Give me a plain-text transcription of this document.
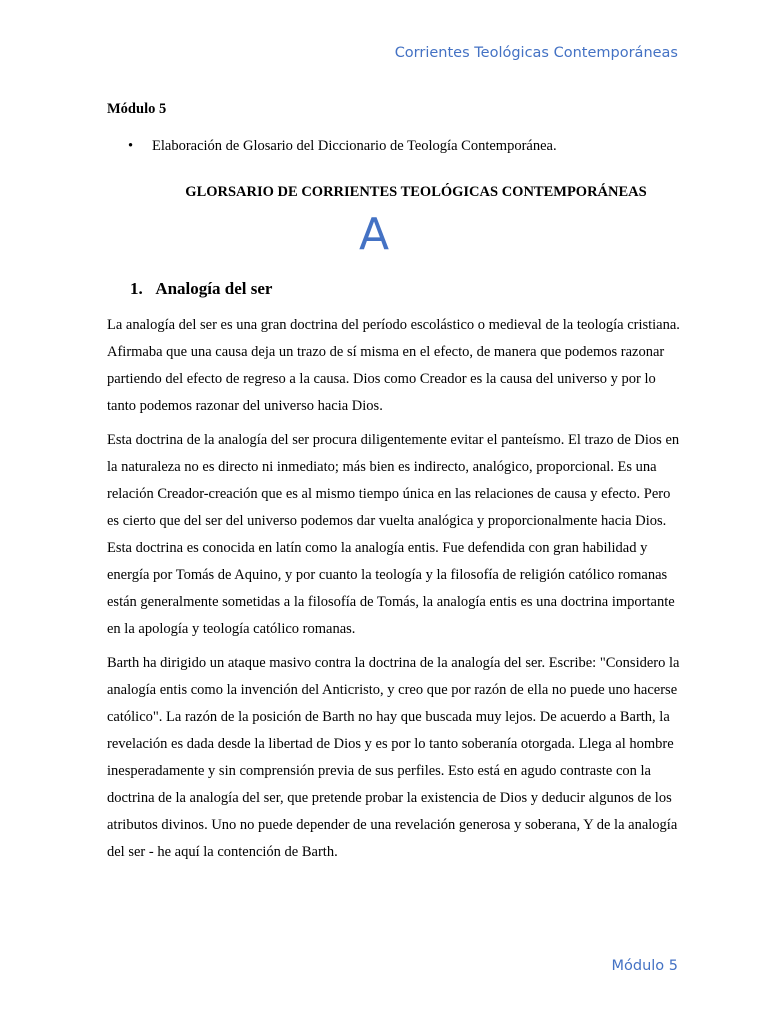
Corrientes Teológicas Contemporáneas

Módulo 5

• Elaboración de Glosario del Diccionario de Teología Contemporánea.
GLORSARIO DE CORRIENTES TEOLÓGICAS CONTEMPORÁNEAS
A
1. Analogía del ser

La analogía del ser es una gran doctrina del período escolástico o medieval de la teología cristiana. Afirmaba que una causa deja un trazo de sí misma en el efecto, de manera que podemos razonar partiendo del efecto de regreso a la causa. Dios como Creador es la causa del universo y por lo tanto podemos razonar del universo hacia Dios.

Esta doctrina de la analogía del ser procura diligentemente evitar el panteísmo. El trazo de Dios en la naturaleza no es directo ni inmediato; más bien es indirecto, analógico, proporcional. Es una relación Creador-creación que es al mismo tiempo única en las relaciones de causa y efecto. Pero es cierto que del ser del universo podemos dar vuelta analógica y proporcionalmente hacia Dios. Esta doctrina es conocida en latín como la analogía entis. Fue defendida con gran habilidad y energía por Tomás de Aquino, y por cuanto la teología y la filosofía de religión católico romanas están generalmente sometidas a la filosofía de Tomás, la analogía entis es una doctrina importante en la apología y teología católico romanas.

Barth ha dirigido un ataque masivo contra la doctrina de la analogía del ser. Escribe: "Considero la analogía entis como la invención del Anticristo, y creo que por razón de ella no puede uno hacerse católico". La razón de la posición de Barth no hay que buscada muy lejos. De acuerdo a Barth, la revelación es dada desde la libertad de Dios y es por lo tanto soberanía otorgada. Llega al hombre inesperadamente y sin comprensión previa de sus perfiles. Esto está en agudo contraste con la doctrina de la analogía del ser, que pretende probar la existencia de Dios y deducir algunos de los atributos divinos. Uno no puede depender de una revelación generosa y soberana, Y de la analogía del ser - he aquí la contención de Barth.

Módulo 5
